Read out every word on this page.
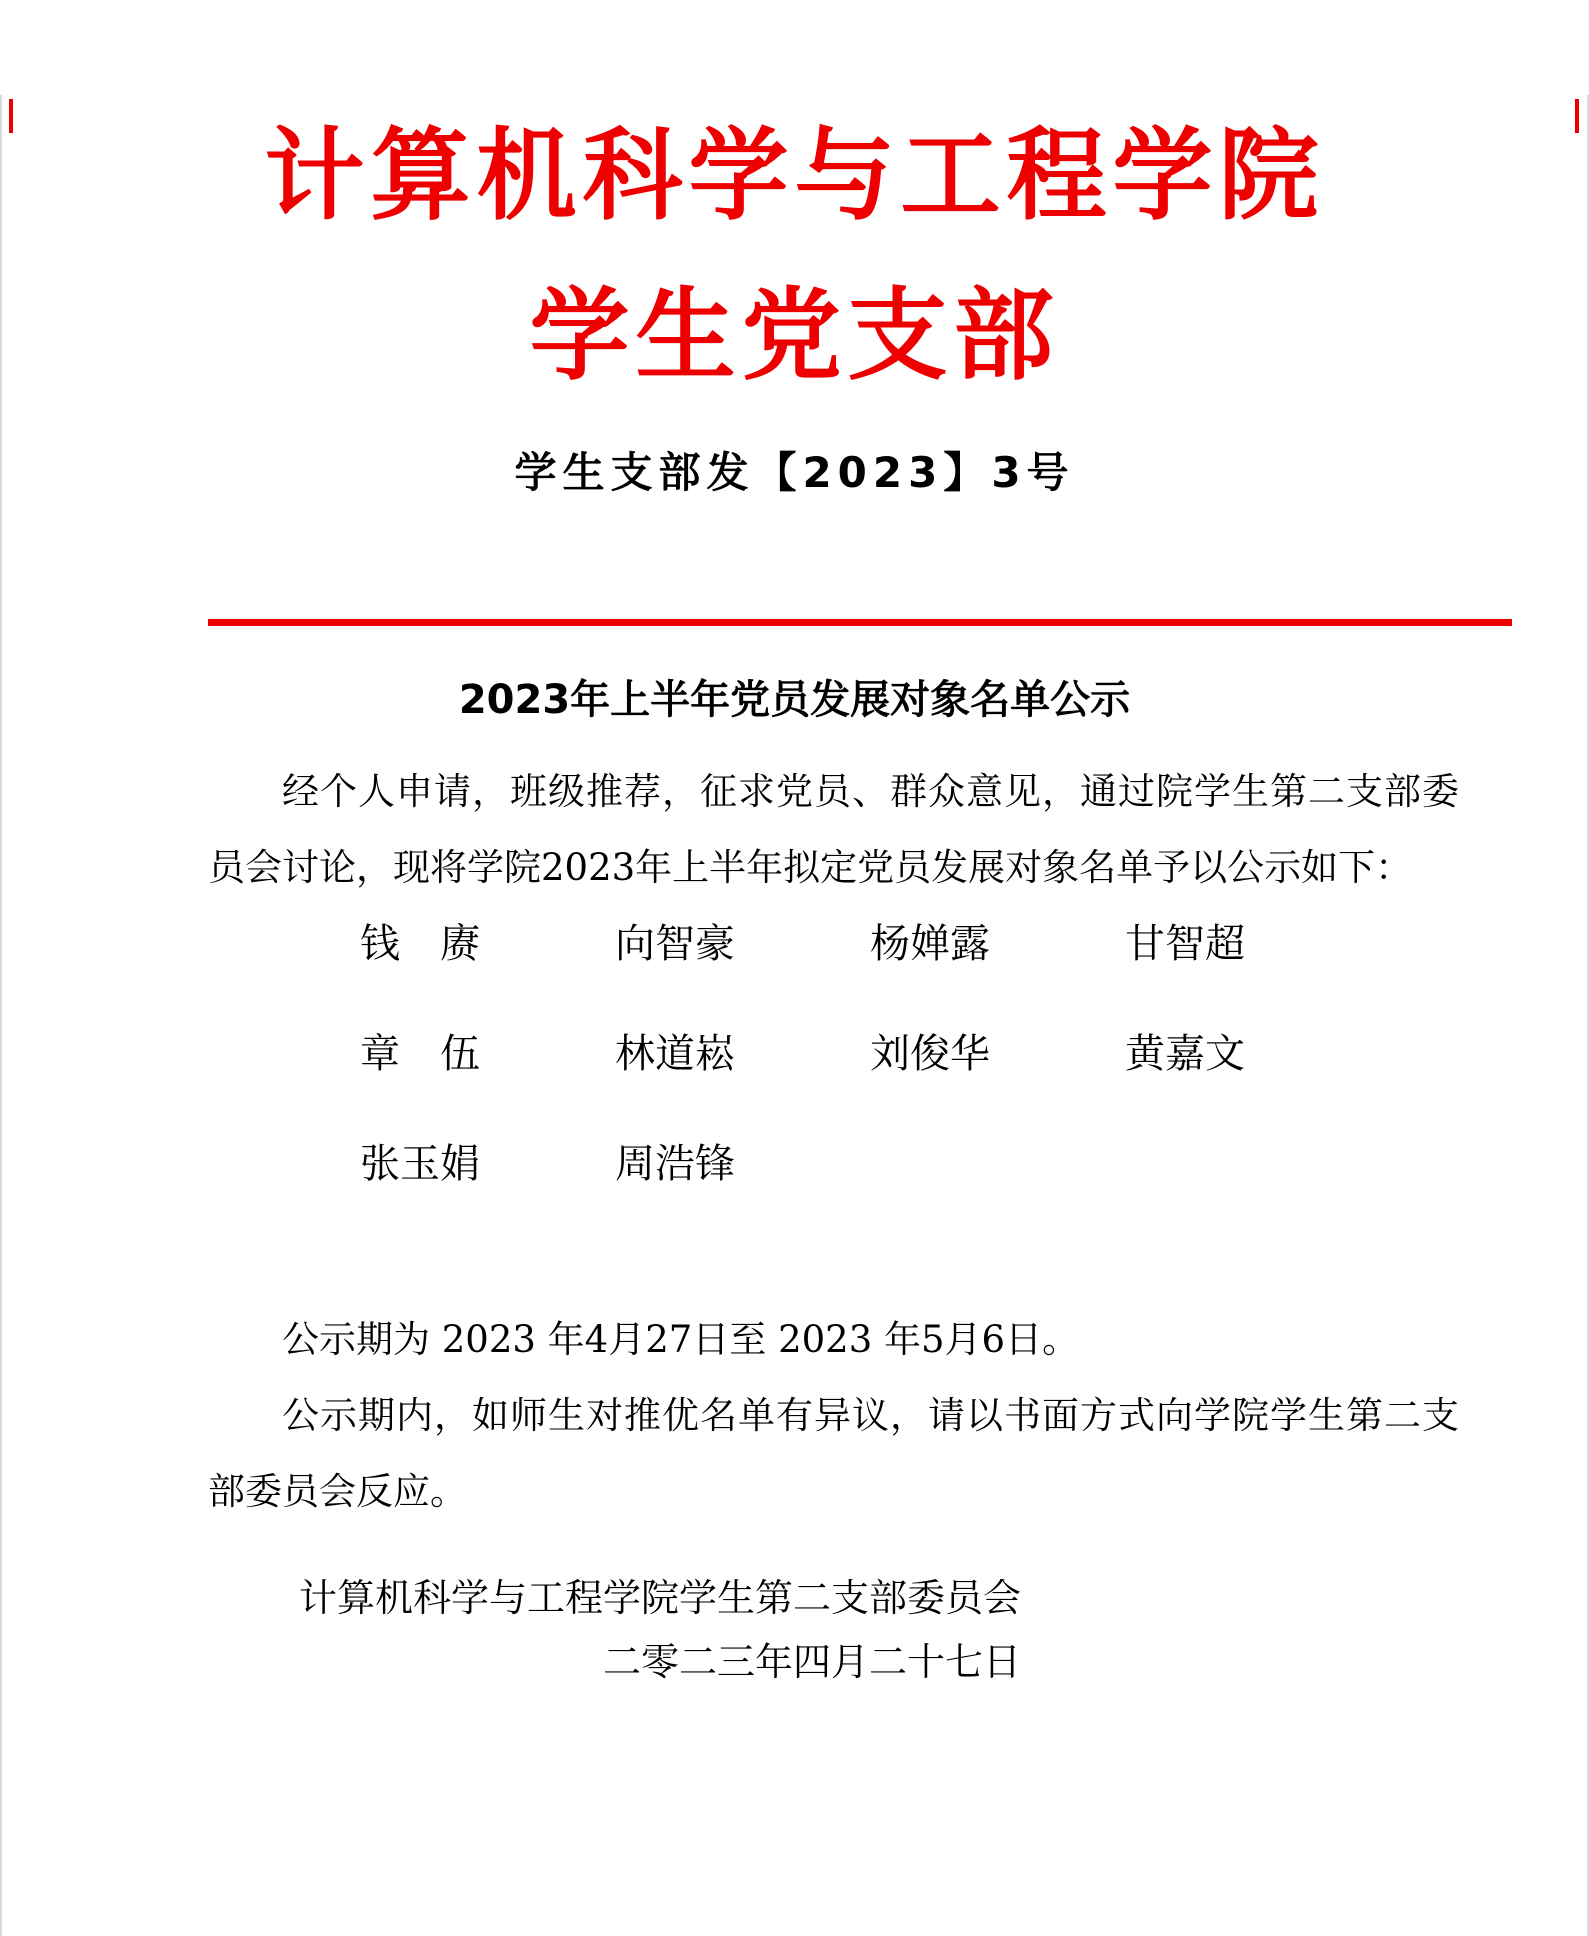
计算机科学与工程学院
学生党支部
学生支部发【2023】3号
2023年上半年党员发展对象名单公示

经个人申请，班级推荐，征求党员、群众意见，通过院学生第二支部委员会讨论，现将学院2023年上半年拟定党员发展对象名单予以公示如下：

钱　赓	向智豪	杨婵露	甘智超
章　伍	林道崧	刘俊华	黄嘉文
张玉娟	周浩锋

公示期为 2023 年4月27日至 2023 年5月6日。

公示期内，如师生对推优名单有异议，请以书面方式向学院学生第二支部委员会反应。

计算机科学与工程学院学生第二支部委员会
二零二三年四月二十七日
